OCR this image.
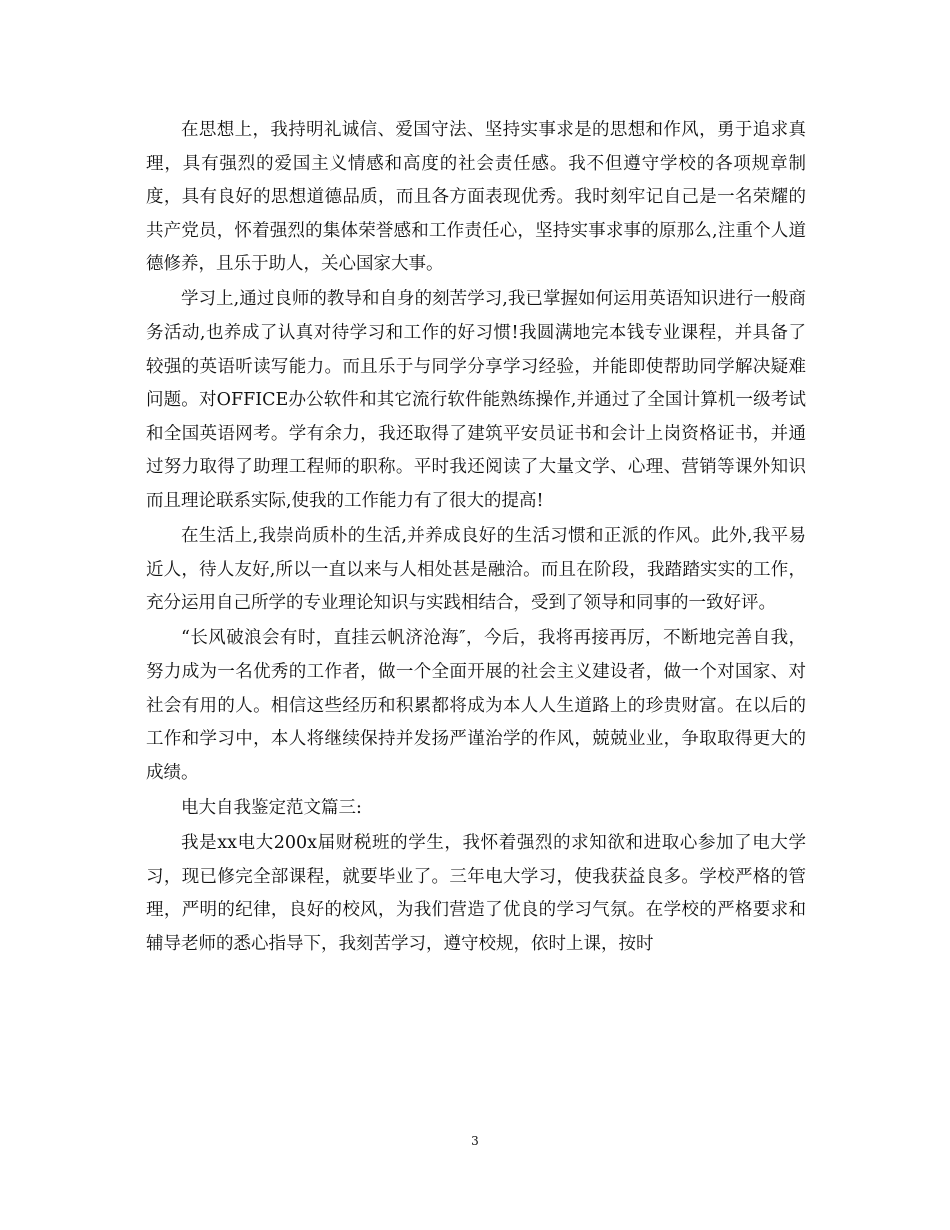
在思想上，我持明礼诚信、爱国守法、坚持实事求是的思想和作风，勇于追求真理，具有强烈的爱国主义情感和高度的社会责任感。我不但遵守学校的各项规章制度，具有良好的思想道德品质，而且各方面表现优秀。我时刻牢记自己是一名荣耀的共产党员，怀着强烈的集体荣誉感和工作责任心，坚持实事求事的原那么,注重个人道德修养，且乐于助人，关心国家大事。

学习上,通过良师的教导和自身的刻苦学习,我已掌握如何运用英语知识进行一般商务活动,也养成了认真对待学习和工作的好习惯!我圆满地完本钱专业课程，并具备了较强的英语听读写能力。而且乐于与同学分享学习经验，并能即使帮助同学解决疑难问题。对OFFICE办公软件和其它流行软件能熟练操作,并通过了全国计算机一级考试和全国英语网考。学有余力，我还取得了建筑平安员证书和会计上岗资格证书，并通过努力取得了助理工程师的职称。平时我还阅读了大量文学、心理、营销等课外知识而且理论联系实际,使我的工作能力有了很大的提高!

在生活上,我崇尚质朴的生活,并养成良好的生活习惯和正派的作风。此外,我平易近人，待人友好,所以一直以来与人相处甚是融洽。而且在阶段，我踏踏实实的工作，充分运用自己所学的专业理论知识与实践相结合，受到了领导和同事的一致好评。

“长风破浪会有时，直挂云帆济沧海″，今后，我将再接再厉，不断地完善自我，努力成为一名优秀的工作者，做一个全面开展的社会主义建设者，做一个对国家、对社会有用的人。相信这些经历和积累都将成为本人人生道路上的珍贵财富。在以后的工作和学习中，本人将继续保持并发扬严谨治学的作风，兢兢业业，争取取得更大的成绩。

电大自我鉴定范文篇三:

我是xx电大200x届财税班的学生，我怀着强烈的求知欲和进取心参加了电大学习，现已修完全部课程，就要毕业了。三年电大学习，使我获益良多。学校严格的管理，严明的纪律，良好的校风，为我们营造了优良的学习气氛。在学校的严格要求和辅导老师的悉心指导下，我刻苦学习，遵守校规，依时上课，按时

3
